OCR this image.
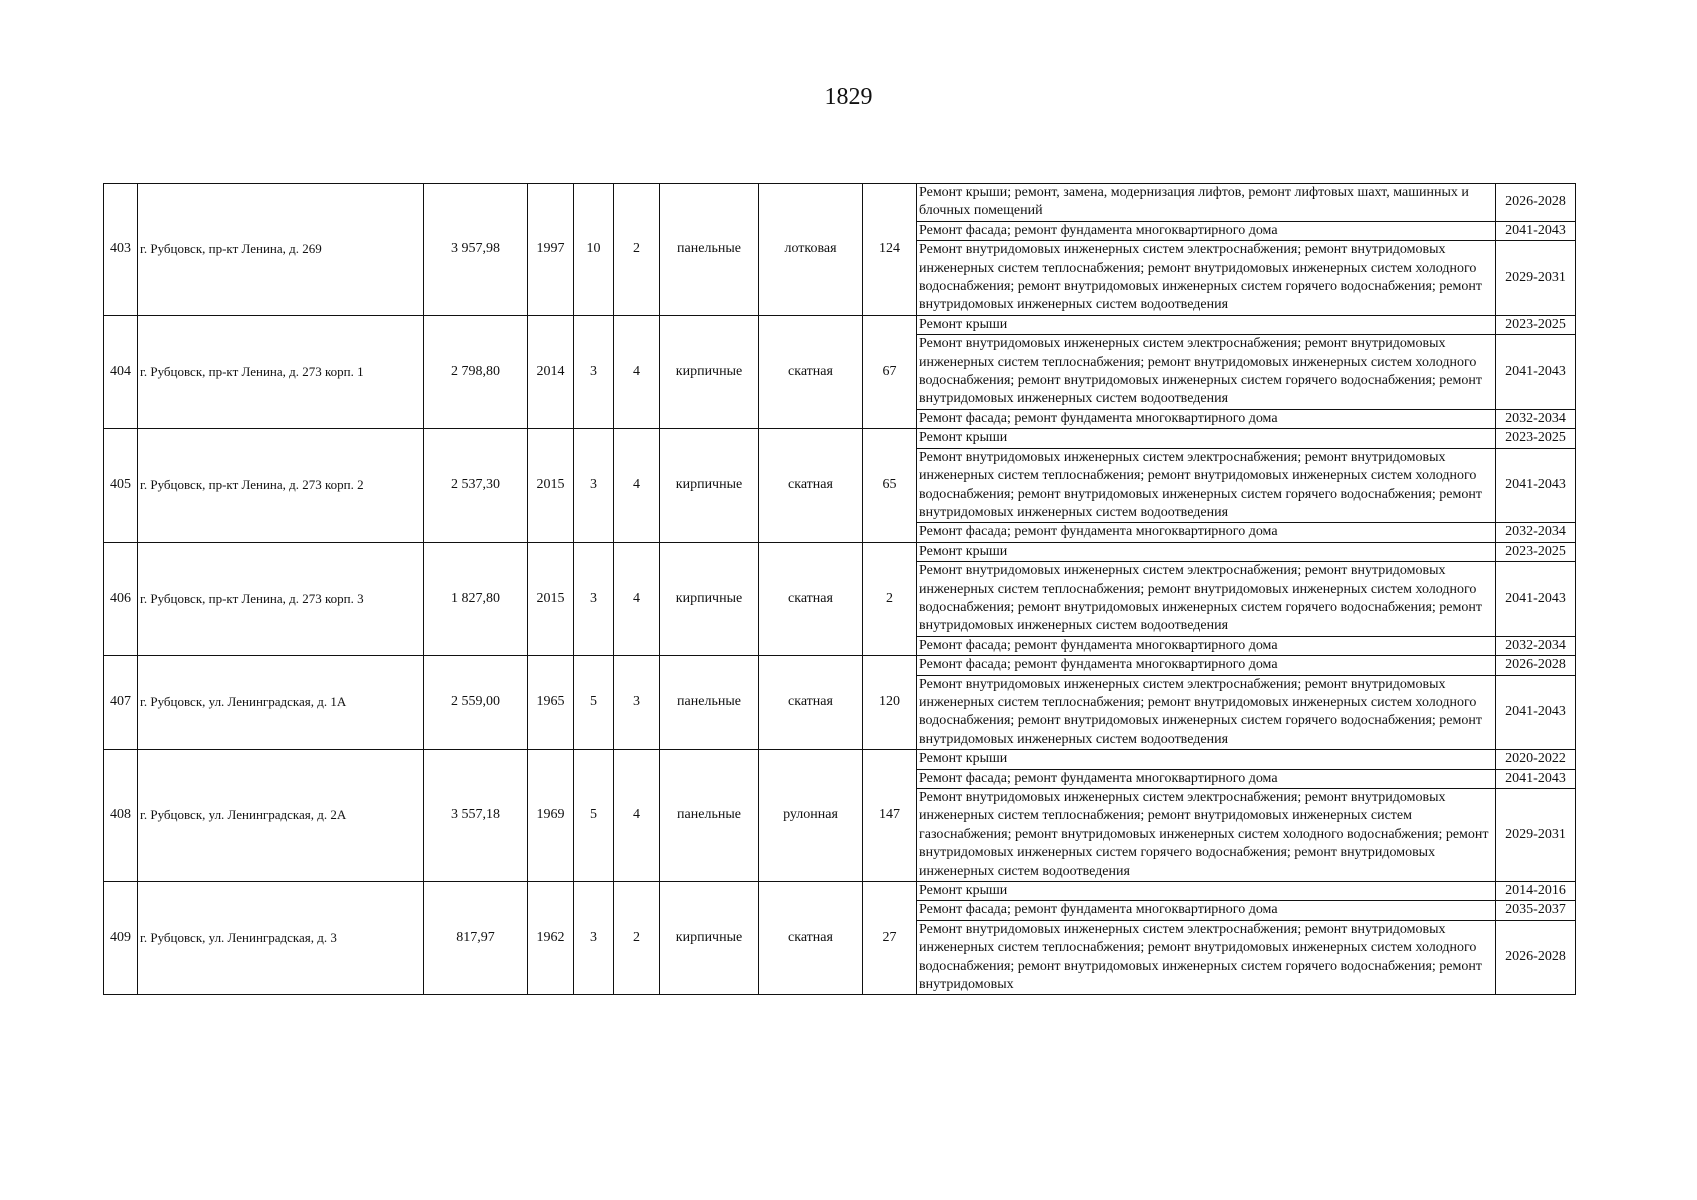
1829
403	г. Рубцовск, пр-кт Ленина, д. 269	3 957,98	1997	10	2	панельные	лотковая	124	Ремонт крыши; ремонт, замена, модернизация лифтов, ремонт лифтовых шахт, машинных и блочных помещений	2026-2028
									Ремонт фасада; ремонт фундамента многоквартирного дома	2041-2043
									Ремонт внутридомовых инженерных систем электроснабжения; ремонт внутридомовых инженерных систем теплоснабжения; ремонт внутридомовых инженерных систем холодного водоснабжения; ремонт внутридомовых инженерных систем горячего водоснабжения; ремонт внутридомовых инженерных систем водоотведения	2029-2031
404	г. Рубцовск, пр-кт Ленина, д. 273 корп. 1	2 798,80	2014	3	4	кирпичные	скатная	67	Ремонт крыши	2023-2025
									Ремонт внутридомовых инженерных систем электроснабжения; ремонт внутридомовых инженерных систем теплоснабжения; ремонт внутридомовых инженерных систем холодного водоснабжения; ремонт внутридомовых инженерных систем горячего водоснабжения; ремонт внутридомовых инженерных систем водоотведения	2041-2043
									Ремонт фасада; ремонт фундамента многоквартирного дома	2032-2034
405	г. Рубцовск, пр-кт Ленина, д. 273 корп. 2	2 537,30	2015	3	4	кирпичные	скатная	65	Ремонт крыши	2023-2025
									Ремонт внутридомовых инженерных систем электроснабжения; ремонт внутридомовых инженерных систем теплоснабжения; ремонт внутридомовых инженерных систем холодного водоснабжения; ремонт внутридомовых инженерных систем горячего водоснабжения; ремонт внутридомовых инженерных систем водоотведения	2041-2043
									Ремонт фасада; ремонт фундамента многоквартирного дома	2032-2034
406	г. Рубцовск, пр-кт Ленина, д. 273 корп. 3	1 827,80	2015	3	4	кирпичные	скатная	2	Ремонт крыши	2023-2025
									Ремонт внутридомовых инженерных систем электроснабжения; ремонт внутридомовых инженерных систем теплоснабжения; ремонт внутридомовых инженерных систем холодного водоснабжения; ремонт внутридомовых инженерных систем горячего водоснабжения; ремонт внутридомовых инженерных систем водоотведения	2041-2043
									Ремонт фасада; ремонт фундамента многоквартирного дома	2032-2034
407	г. Рубцовск, ул. Ленинградская, д. 1А	2 559,00	1965	5	3	панельные	скатная	120	Ремонт фасада; ремонт фундамента многоквартирного дома	2026-2028
									Ремонт внутридомовых инженерных систем электроснабжения; ремонт внутридомовых инженерных систем теплоснабжения; ремонт внутридомовых инженерных систем холодного водоснабжения; ремонт внутридомовых инженерных систем горячего водоснабжения; ремонт внутридомовых инженерных систем водоотведения	2041-2043
408	г. Рубцовск, ул. Ленинградская, д. 2А	3 557,18	1969	5	4	панельные	рулонная	147	Ремонт крыши	2020-2022
									Ремонт фасада; ремонт фундамента многоквартирного дома	2041-2043
									Ремонт внутридомовых инженерных систем электроснабжения; ремонт внутридомовых инженерных систем теплоснабжения; ремонт внутридомовых инженерных систем газоснабжения; ремонт внутридомовых инженерных систем холодного водоснабжения; ремонт внутридомовых инженерных систем горячего водоснабжения; ремонт внутридомовых инженерных систем водоотведения	2029-2031
409	г. Рубцовск, ул. Ленинградская, д. 3	817,97	1962	3	2	кирпичные	скатная	27	Ремонт крыши	2014-2016
									Ремонт фасада; ремонт фундамента многоквартирного дома	2035-2037
									Ремонт внутридомовых инженерных систем электроснабжения; ремонт внутридомовых инженерных систем теплоснабжения; ремонт внутридомовых инженерных систем холодного водоснабжения; ремонт внутридомовых инженерных систем горячего водоснабжения; ремонт внутридомовых	2026-2028
